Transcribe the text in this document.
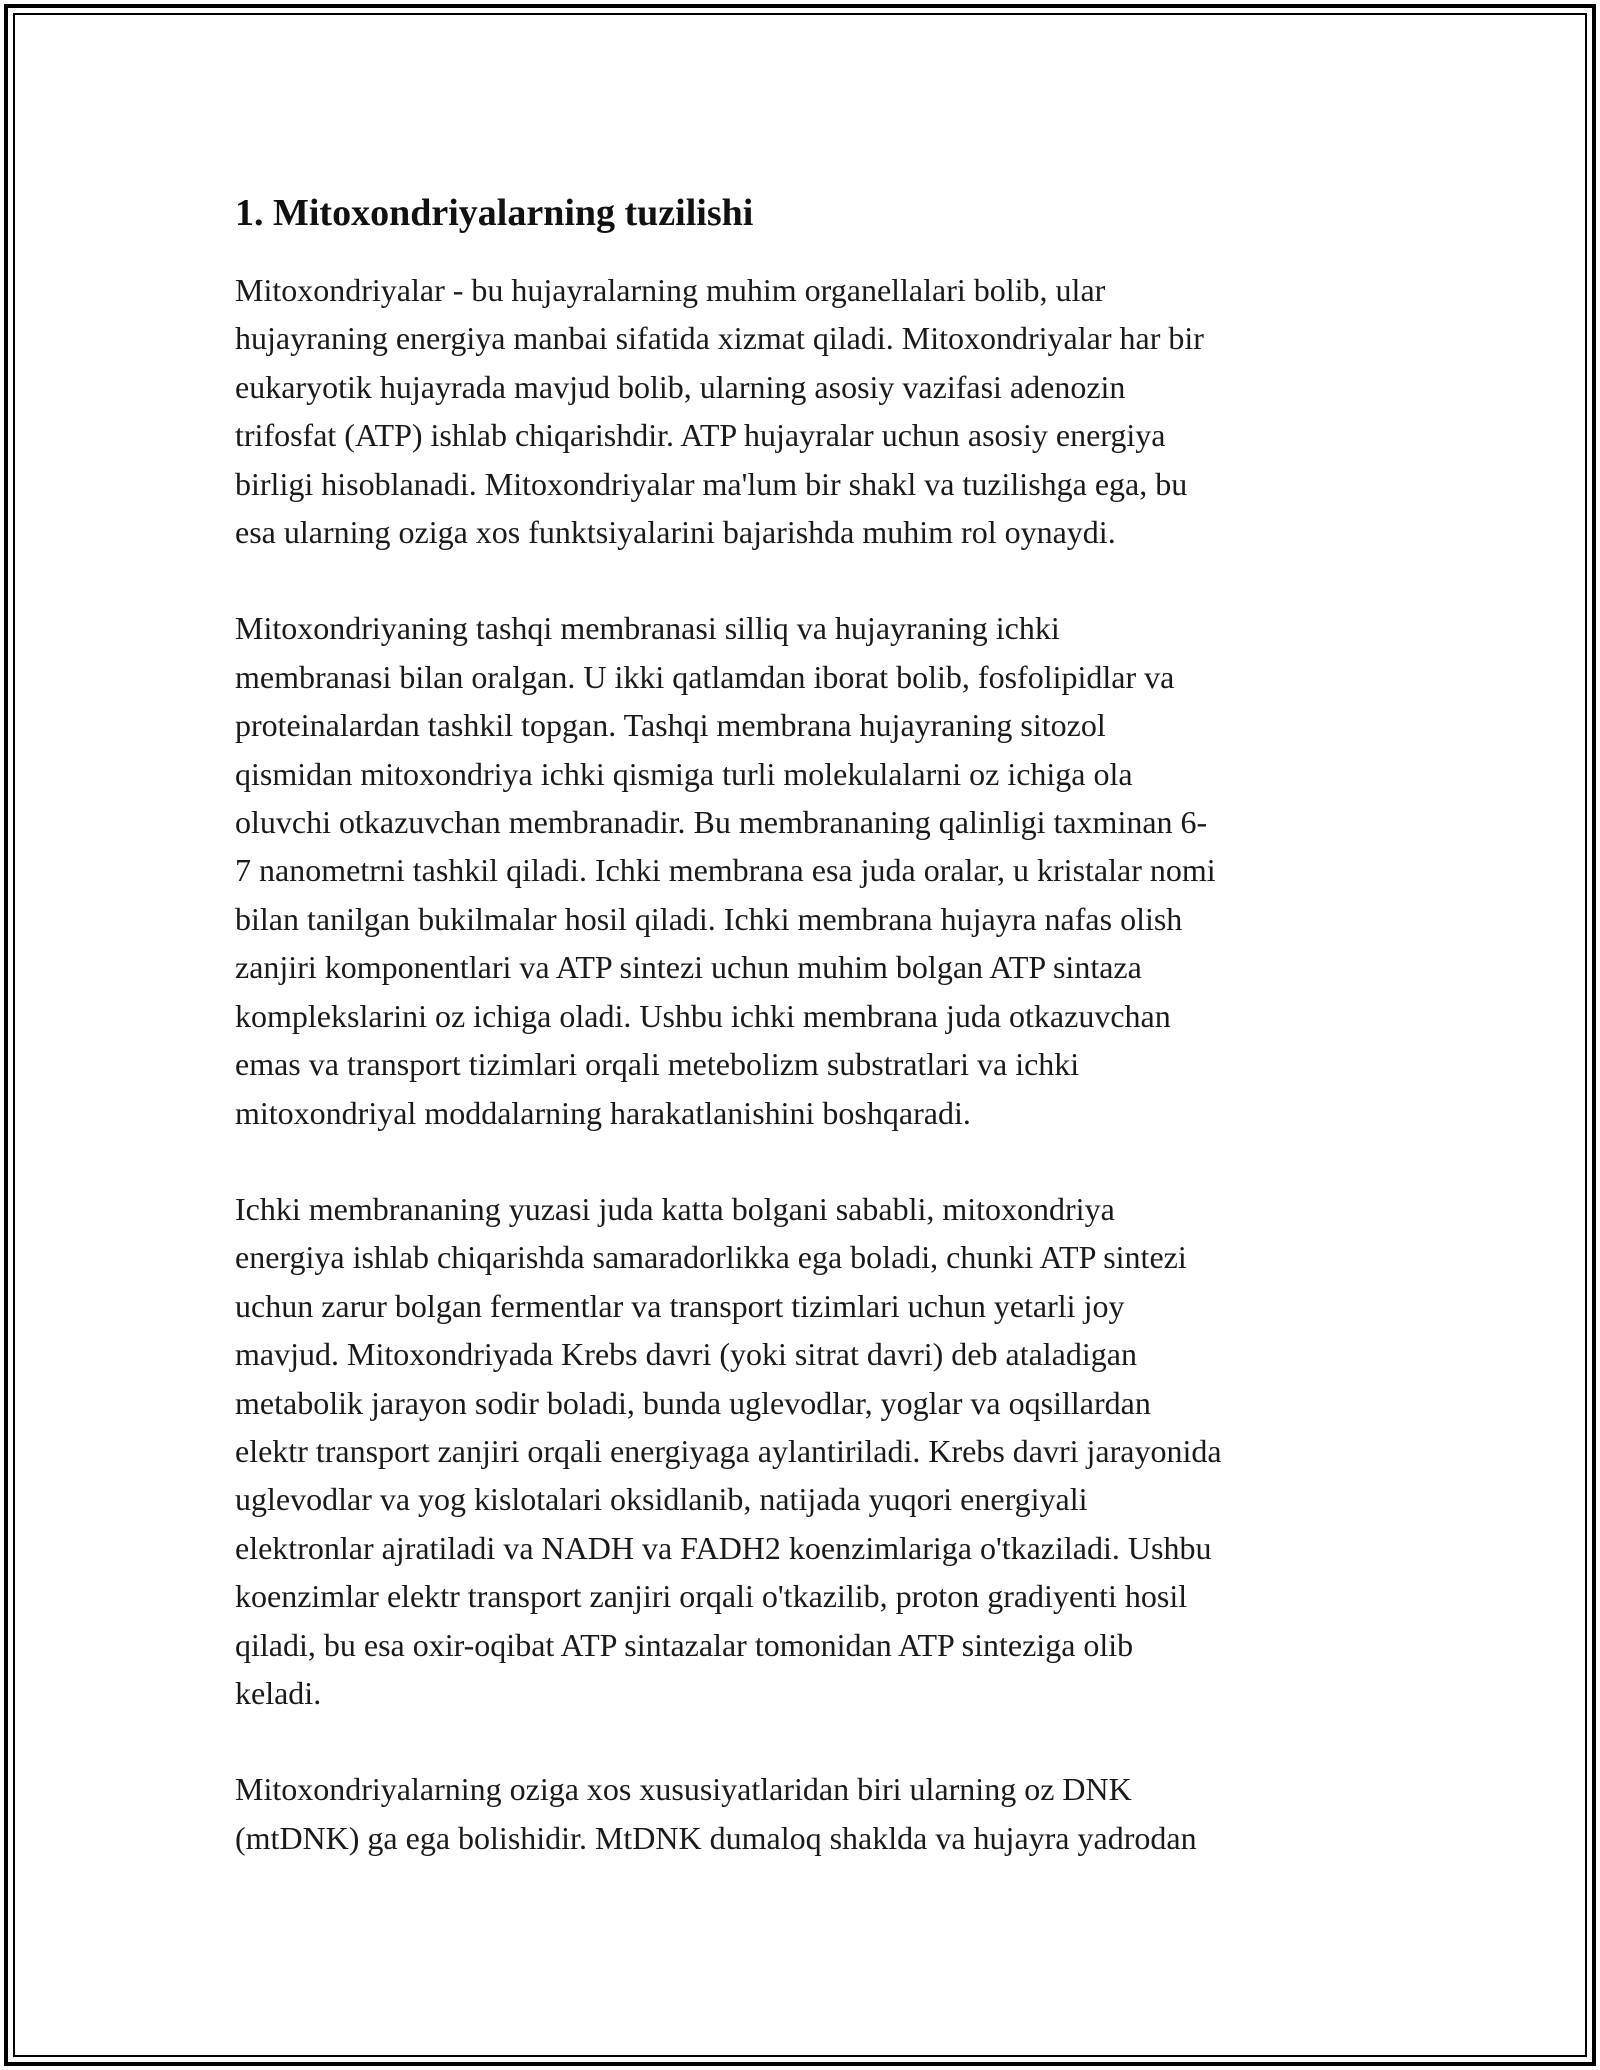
1. Mitoxondriyalarning tuzilishi

Mitoxondriyalar - bu hujayralarning muhim organellalari bolib, ular
hujayraning energiya manbai sifatida xizmat qiladi. Mitoxondriyalar har bir
eukaryotik hujayrada mavjud bolib, ularning asosiy vazifasi adenozin
trifosfat (ATP) ishlab chiqarishdir. ATP hujayralar uchun asosiy energiya
birligi hisoblanadi. Mitoxondriyalar ma'lum bir shakl va tuzilishga ega, bu
esa ularning oziga xos funktsiyalarini bajarishda muhim rol oynaydi.

Mitoxondriyaning tashqi membranasi silliq va hujayraning ichki
membranasi bilan oralgan. U ikki qatlamdan iborat bolib, fosfolipidlar va
proteinalardan tashkil topgan. Tashqi membrana hujayraning sitozol
qismidan mitoxondriya ichki qismiga turli molekulalarni oz ichiga ola
oluvchi otkazuvchan membranadir. Bu membrananing qalinligi taxminan 6-
7 nanometrni tashkil qiladi. Ichki membrana esa juda oralar, u kristalar nomi
bilan tanilgan bukilmalar hosil qiladi. Ichki membrana hujayra nafas olish
zanjiri komponentlari va ATP sintezi uchun muhim bolgan ATP sintaza
komplekslarini oz ichiga oladi. Ushbu ichki membrana juda otkazuvchan
emas va transport tizimlari orqali metebolizm substratlari va ichki
mitoxondriyal moddalarning harakatlanishini boshqaradi.

Ichki membrananing yuzasi juda katta bolgani sababli, mitoxondriya
energiya ishlab chiqarishda samaradorlikka ega boladi, chunki ATP sintezi
uchun zarur bolgan fermentlar va transport tizimlari uchun yetarli joy
mavjud. Mitoxondriyada Krebs davri (yoki sitrat davri) deb ataladigan
metabolik jarayon sodir boladi, bunda uglevodlar, yoglar va oqsillardan
elektr transport zanjiri orqali energiyaga aylantiriladi. Krebs davri jarayonida
uglevodlar va yog kislotalari oksidlanib, natijada yuqori energiyali
elektronlar ajratiladi va NADH va FADH2 koenzimlariga o'tkaziladi. Ushbu
koenzimlar elektr transport zanjiri orqali o'tkazilib, proton gradiyenti hosil
qiladi, bu esa oxir-oqibat ATP sintazalar tomonidan ATP sinteziga olib
keladi.

Mitoxondriyalarning oziga xos xususiyatlaridan biri ularning oz DNK
(mtDNK) ga ega bolishidir. MtDNK dumaloq shaklda va hujayra yadrodan
